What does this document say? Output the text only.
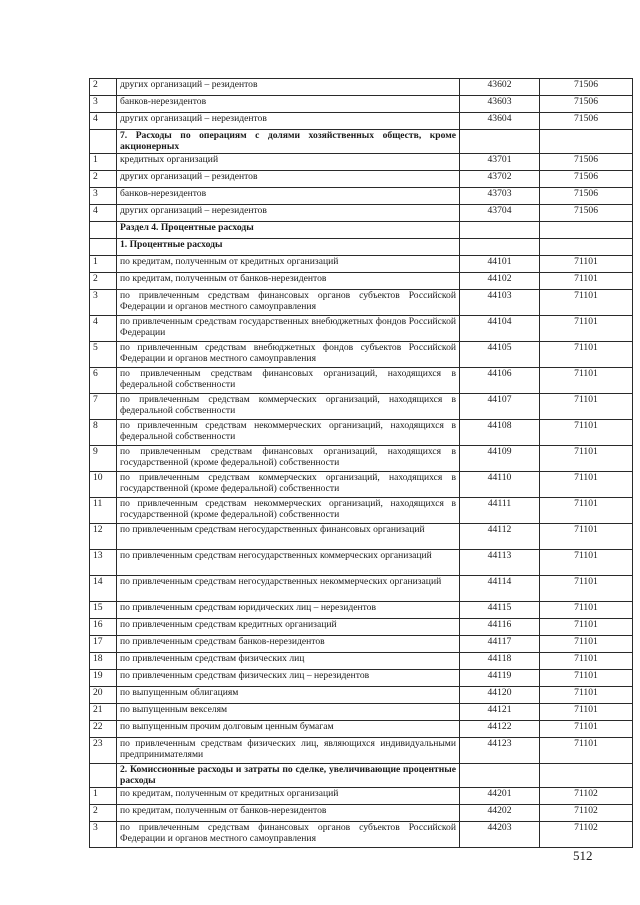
2	других организаций – резидентов	43602	71506
3	банков-нерезидентов	43603	71506
4	других организаций – нерезидентов	43604	71506
	7. Расходы по операциям с долями хозяйственных обществ, кроме акционерных		
1	кредитных организаций	43701	71506
2	других организаций – резидентов	43702	71506
3	банков-нерезидентов	43703	71506
4	других организаций – нерезидентов	43704	71506
	Раздел 4. Процентные расходы		
	1. Процентные расходы		
1	по кредитам, полученным от кредитных организаций	44101	71101
2	по кредитам, полученным от банков-нерезидентов	44102	71101
3	по привлеченным средствам финансовых органов субъектов Российской Федерации и органов местного самоуправления	44103	71101
4	по привлеченным средствам государственных внебюджетных фондов Российской Федерации	44104	71101
5	по привлеченным средствам внебюджетных фондов субъектов Российской Федерации и органов местного самоуправления	44105	71101
6	по привлеченным средствам финансовых организаций, находящихся в федеральной собственности	44106	71101
7	по привлеченным средствам коммерческих организаций, находящихся в федеральной собственности	44107	71101
8	по привлеченным средствам некоммерческих организаций, находящихся в федеральной собственности	44108	71101
9	по привлеченным средствам финансовых организаций, находящихся в государственной (кроме федеральной) собственности	44109	71101
10	по привлеченным средствам коммерческих организаций, находящихся в государственной (кроме федеральной) собственности	44110	71101
11	по привлеченным средствам некоммерческих организаций, находящихся в государственной (кроме федеральной) собственности	44111	71101
12	по привлеченным средствам негосударственных финансовых организаций	44112	71101
13	по привлеченным средствам негосударственных коммерческих организаций	44113	71101
14	по привлеченным средствам негосударственных некоммерческих организаций	44114	71101
15	по привлеченным средствам юридических лиц – нерезидентов	44115	71101
16	по привлеченным средствам кредитных организаций	44116	71101
17	по привлеченным средствам банков-нерезидентов	44117	71101
18	по привлеченным средствам физических лиц	44118	71101
19	по привлеченным средствам физических лиц – нерезидентов	44119	71101
20	по выпущенным облигациям	44120	71101
21	по выпущенным векселям	44121	71101
22	по выпущенным прочим долговым ценным бумагам	44122	71101
23	по привлеченным средствам физических лиц, являющихся индивидуальными предпринимателями	44123	71101
	2. Комиссионные расходы и затраты по сделке, увеличивающие процентные расходы		
1	по кредитам, полученным от кредитных организаций	44201	71102
2	по кредитам, полученным от банков-нерезидентов	44202	71102
3	по привлеченным средствам финансовых органов субъектов Российской Федерации и органов местного самоуправления	44203	71102
512
